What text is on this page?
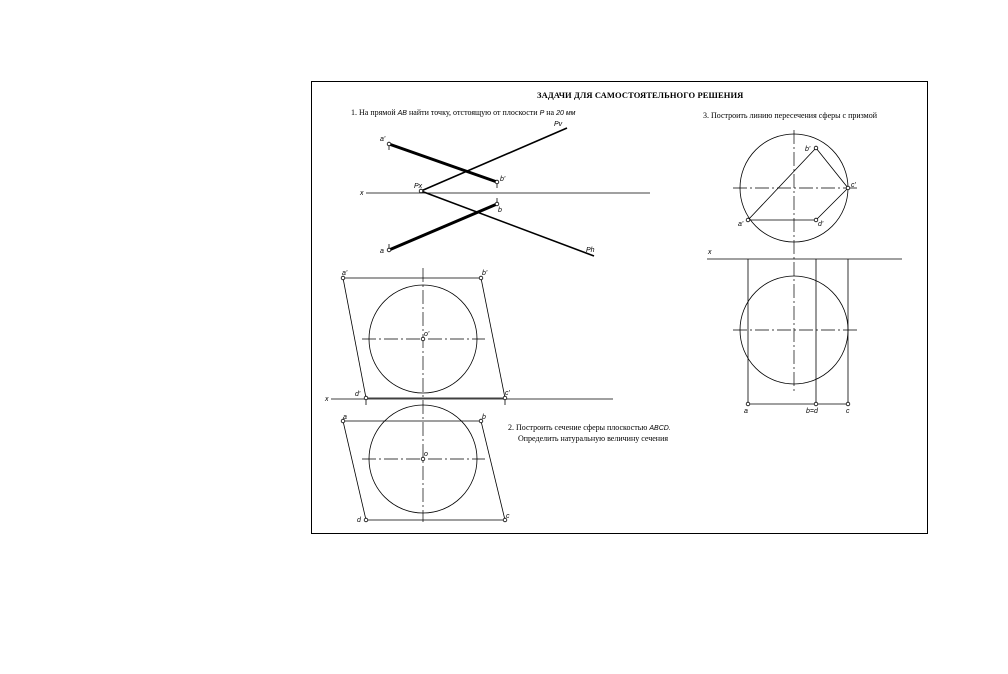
ЗАДАЧИ ДЛЯ САМОСТОЯТЕЛЬНОГО РЕШЕНИЯ
1. На прямой AB найти точку, отстоящую от плоскости P на 20 мм	3. Построить линию пересечения сферы с призмой
2. Построить сечение сферы плоскостью ABCD.
Определить натуральную величину сечения
a'
b'
a
b
x
Px
Pv
Ph
a'	b'
c'
d'
o'
x
a	b
c
d
o
b'
c'
a'	d'
x
a	b=d	c
